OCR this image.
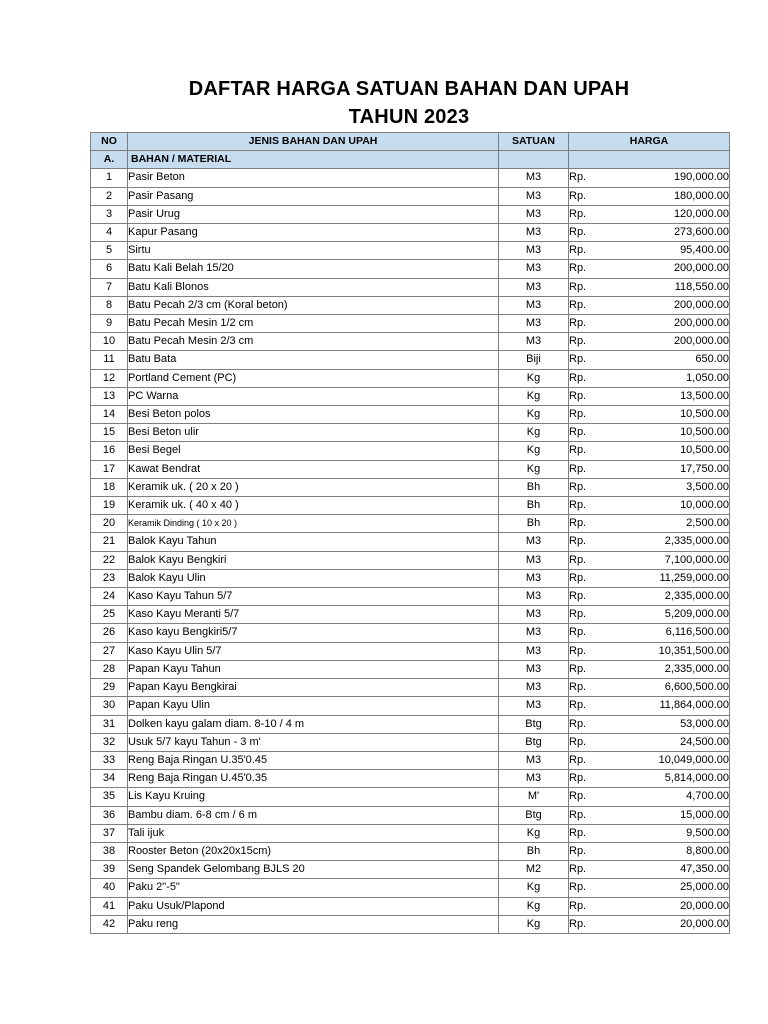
DAFTAR HARGA SATUAN BAHAN DAN UPAH
TAHUN 2023
NO	JENIS BAHAN DAN UPAH	SATUAN	HARGA	
A.	BAHAN / MATERIAL			
1	Pasir Beton	M3	Rp.	190,000.00
2	Pasir Pasang	M3	Rp.	180,000.00
3	Pasir Urug	M3	Rp.	120,000.00
4	Kapur Pasang	M3	Rp.	273,600.00
5	Sirtu	M3	Rp.	95,400.00
6	Batu Kali Belah 15/20	M3	Rp.	200,000.00
7	Batu Kali Blonos	M3	Rp.	118,550.00
8	Batu Pecah 2/3 cm (Koral beton)	M3	Rp.	200,000.00
9	Batu Pecah Mesin 1/2 cm	M3	Rp.	200,000.00
10	Batu Pecah Mesin 2/3 cm	M3	Rp.	200,000.00
11	Batu Bata	Biji	Rp.	650.00
12	Portland Cement (PC)	Kg	Rp.	1,050.00
13	PC Warna	Kg	Rp.	13,500.00
14	Besi Beton polos	Kg	Rp.	10,500.00
15	Besi Beton ulir	Kg	Rp.	10,500.00
16	Besi Begel	Kg	Rp.	10,500.00
17	Kawat Bendrat	Kg	Rp.	17,750.00
18	Keramik uk. ( 20 x 20 )	Bh	Rp.	3,500.00
19	Keramik uk. ( 40 x 40 )	Bh	Rp.	10,000.00
20	Keramik Dinding ( 10 x 20 )	Bh	Rp.	2,500.00
21	Balok Kayu Tahun	M3	Rp.	2,335,000.00
22	Balok Kayu Bengkiri	M3	Rp.	7,100,000.00
23	Balok Kayu Ulin	M3	Rp.	11,259,000.00
24	Kaso Kayu Tahun 5/7	M3	Rp.	2,335,000.00
25	Kaso Kayu Meranti 5/7	M3	Rp.	5,209,000.00
26	Kaso kayu Bengkiri5/7	M3	Rp.	6,116,500.00
27	Kaso Kayu Ulin 5/7	M3	Rp.	10,351,500.00
28	Papan Kayu Tahun	M3	Rp.	2,335,000.00
29	Papan Kayu Bengkirai	M3	Rp.	6,600,500.00
30	Papan Kayu Ulin	M3	Rp.	11,864,000.00
31	Dolken kayu galam diam. 8-10 / 4 m	Btg	Rp.	53,000.00
32	Usuk 5/7 kayu Tahun - 3 m'	Btg	Rp.	24,500.00
33	Reng Baja Ringan U.35'0.45	M3	Rp.	10,049,000.00
34	Reng Baja Ringan U.45'0.35	M3	Rp.	5,814,000.00
35	Lis Kayu Kruing	M'	Rp.	4,700.00
36	Bambu diam. 6-8 cm / 6 m	Btg	Rp.	15,000.00
37	Tali ijuk	Kg	Rp.	9,500.00
38	Rooster Beton (20x20x15cm)	Bh	Rp.	8,800.00
39	Seng Spandek Gelombang BJLS 20	M2	Rp.	47,350.00
40	Paku 2"-5"	Kg	Rp.	25,000.00
41	Paku Usuk/Plapond	Kg	Rp.	20,000.00
42	Paku reng	Kg	Rp.	20,000.00
